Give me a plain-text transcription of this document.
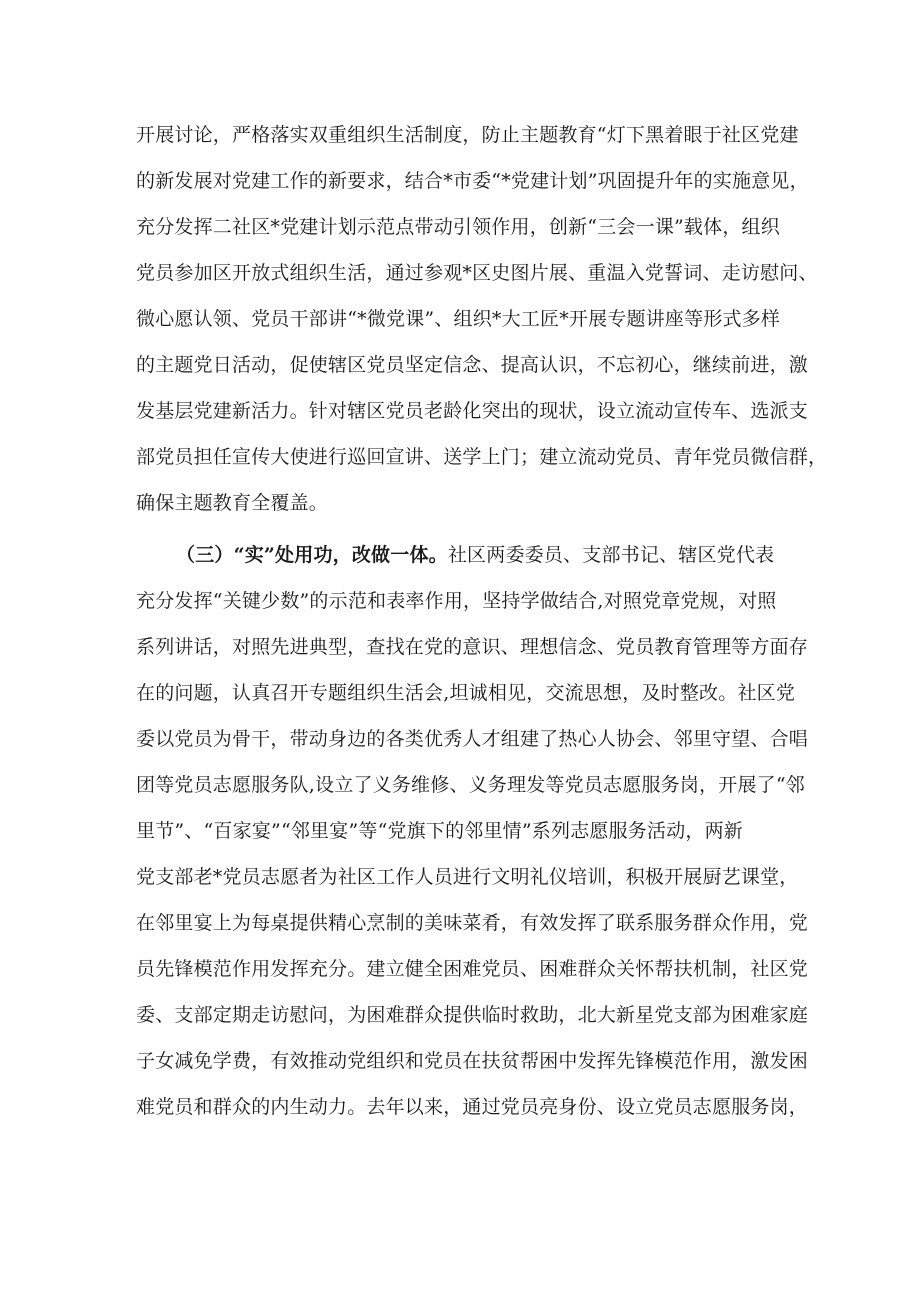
开展讨论，严格落实双重组织生活制度，防止主题教育“灯下黑着眼于社区党建
的新发展对党建工作的新要求，结合*市委“*党建计划”巩固提升年的实施意见，
充分发挥二社区*党建计划示范点带动引领作用，创新“三会一课”载体，组织
党员参加区开放式组织生活，通过参观*区史图片展、重温入党誓词、走访慰问、
微心愿认领、党员干部讲“*微党课”、组织*大工匠*开展专题讲座等形式多样
的主题党日活动，促使辖区党员坚定信念、提高认识，不忘初心，继续前进，激
发基层党建新活力。针对辖区党员老龄化突出的现状，设立流动宣传车、选派支
部党员担任宣传大使进行巡回宣讲、送学上门；建立流动党员、青年党员微信群，
确保主题教育全覆盖。
（三）“实”处用功，改做一体。社区两委委员、支部书记、辖区党代表
充分发挥“关键少数”的示范和表率作用，坚持学做结合,对照党章党规，对照
系列讲话，对照先进典型，查找在党的意识、理想信念、党员教育管理等方面存
在的问题，认真召开专题组织生活会,坦诚相见，交流思想，及时整改。社区党
委以党员为骨干，带动身边的各类优秀人才组建了热心人协会、邻里守望、合唱
团等党员志愿服务队,设立了义务维修、义务理发等党员志愿服务岗，开展了“邻
里节”、“百家宴”“邻里宴”等“党旗下的邻里情”系列志愿服务活动，两新
党支部老*党员志愿者为社区工作人员进行文明礼仪培训，积极开展厨艺课堂，
在邻里宴上为每桌提供精心烹制的美味菜肴，有效发挥了联系服务群众作用，党
员先锋模范作用发挥充分。建立健全困难党员、困难群众关怀帮扶机制，社区党
委、支部定期走访慰问，为困难群众提供临时救助，北大新星党支部为困难家庭
子女减免学费，有效推动党组织和党员在扶贫帮困中发挥先锋模范作用，激发困
难党员和群众的内生动力。去年以来，通过党员亮身份、设立党员志愿服务岗，
